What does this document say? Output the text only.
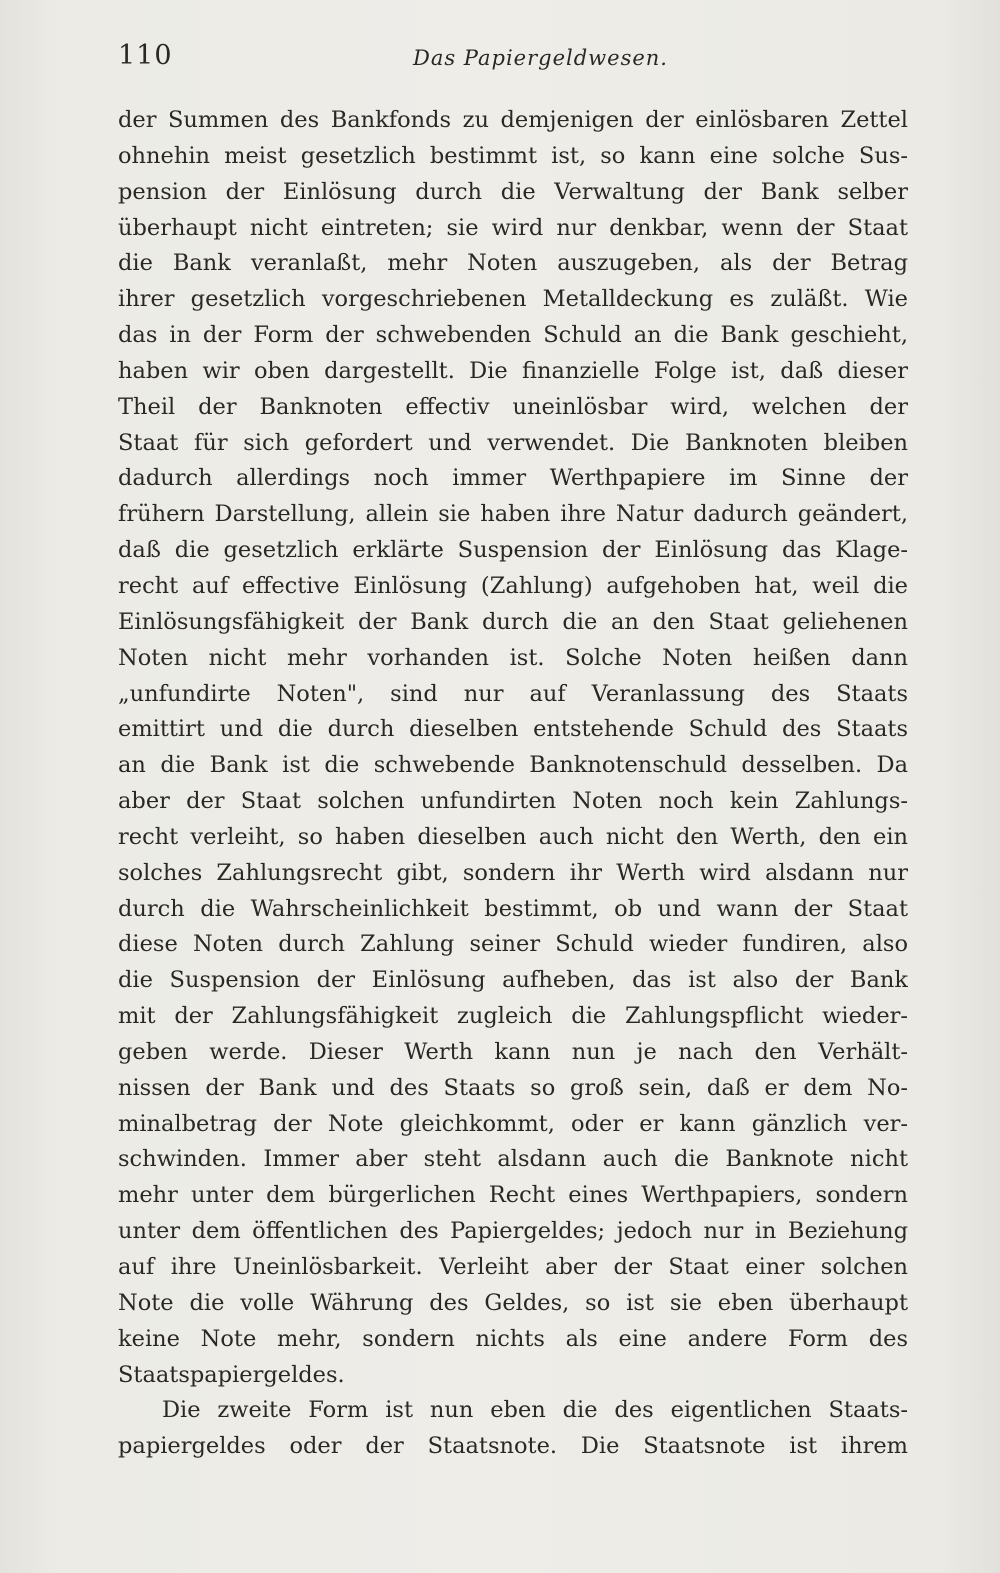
110	Das Papiergeldwesen.
der Summen des Bankfonds zu demjenigen der einlösbaren Zettel
ohnehin meist gesetzlich bestimmt ist, so kann eine solche Sus-
pension der Einlösung durch die Verwaltung der Bank selber
überhaupt nicht eintreten; sie wird nur denkbar, wenn der Staat
die Bank veranlaßt, mehr Noten auszugeben, als der Betrag
ihrer gesetzlich vorgeschriebenen Metalldeckung es zuläßt. Wie
das in der Form der schwebenden Schuld an die Bank geschieht,
haben wir oben dargestellt. Die finanzielle Folge ist, daß dieser
Theil der Banknoten effectiv uneinlösbar wird, welchen der
Staat für sich gefordert und verwendet. Die Banknoten bleiben
dadurch allerdings noch immer Werthpapiere im Sinne der
frühern Darstellung, allein sie haben ihre Natur dadurch geändert,
daß die gesetzlich erklärte Suspension der Einlösung das Klage-
recht auf effective Einlösung (Zahlung) aufgehoben hat, weil die
Einlösungsfähigkeit der Bank durch die an den Staat geliehenen
Noten nicht mehr vorhanden ist. Solche Noten heißen dann
„unfundirte Noten", sind nur auf Veranlassung des Staats
emittirt und die durch dieselben entstehende Schuld des Staats
an die Bank ist die schwebende Banknotenschuld desselben. Da
aber der Staat solchen unfundirten Noten noch kein Zahlungs-
recht verleiht, so haben dieselben auch nicht den Werth, den ein
solches Zahlungsrecht gibt, sondern ihr Werth wird alsdann nur
durch die Wahrscheinlichkeit bestimmt, ob und wann der Staat
diese Noten durch Zahlung seiner Schuld wieder fundiren, also
die Suspension der Einlösung aufheben, das ist also der Bank
mit der Zahlungsfähigkeit zugleich die Zahlungspflicht wieder-
geben werde. Dieser Werth kann nun je nach den Verhält-
nissen der Bank und des Staats so groß sein, daß er dem No-
minalbetrag der Note gleichkommt, oder er kann gänzlich ver-
schwinden. Immer aber steht alsdann auch die Banknote nicht
mehr unter dem bürgerlichen Recht eines Werthpapiers, sondern
unter dem öffentlichen des Papiergeldes; jedoch nur in Beziehung
auf ihre Uneinlösbarkeit. Verleiht aber der Staat einer solchen
Note die volle Währung des Geldes, so ist sie eben überhaupt
keine Note mehr, sondern nichts als eine andere Form des
Staatspapiergeldes.
Die zweite Form ist nun eben die des eigentlichen Staats-
papiergeldes oder der Staatsnote. Die Staatsnote ist ihrem
